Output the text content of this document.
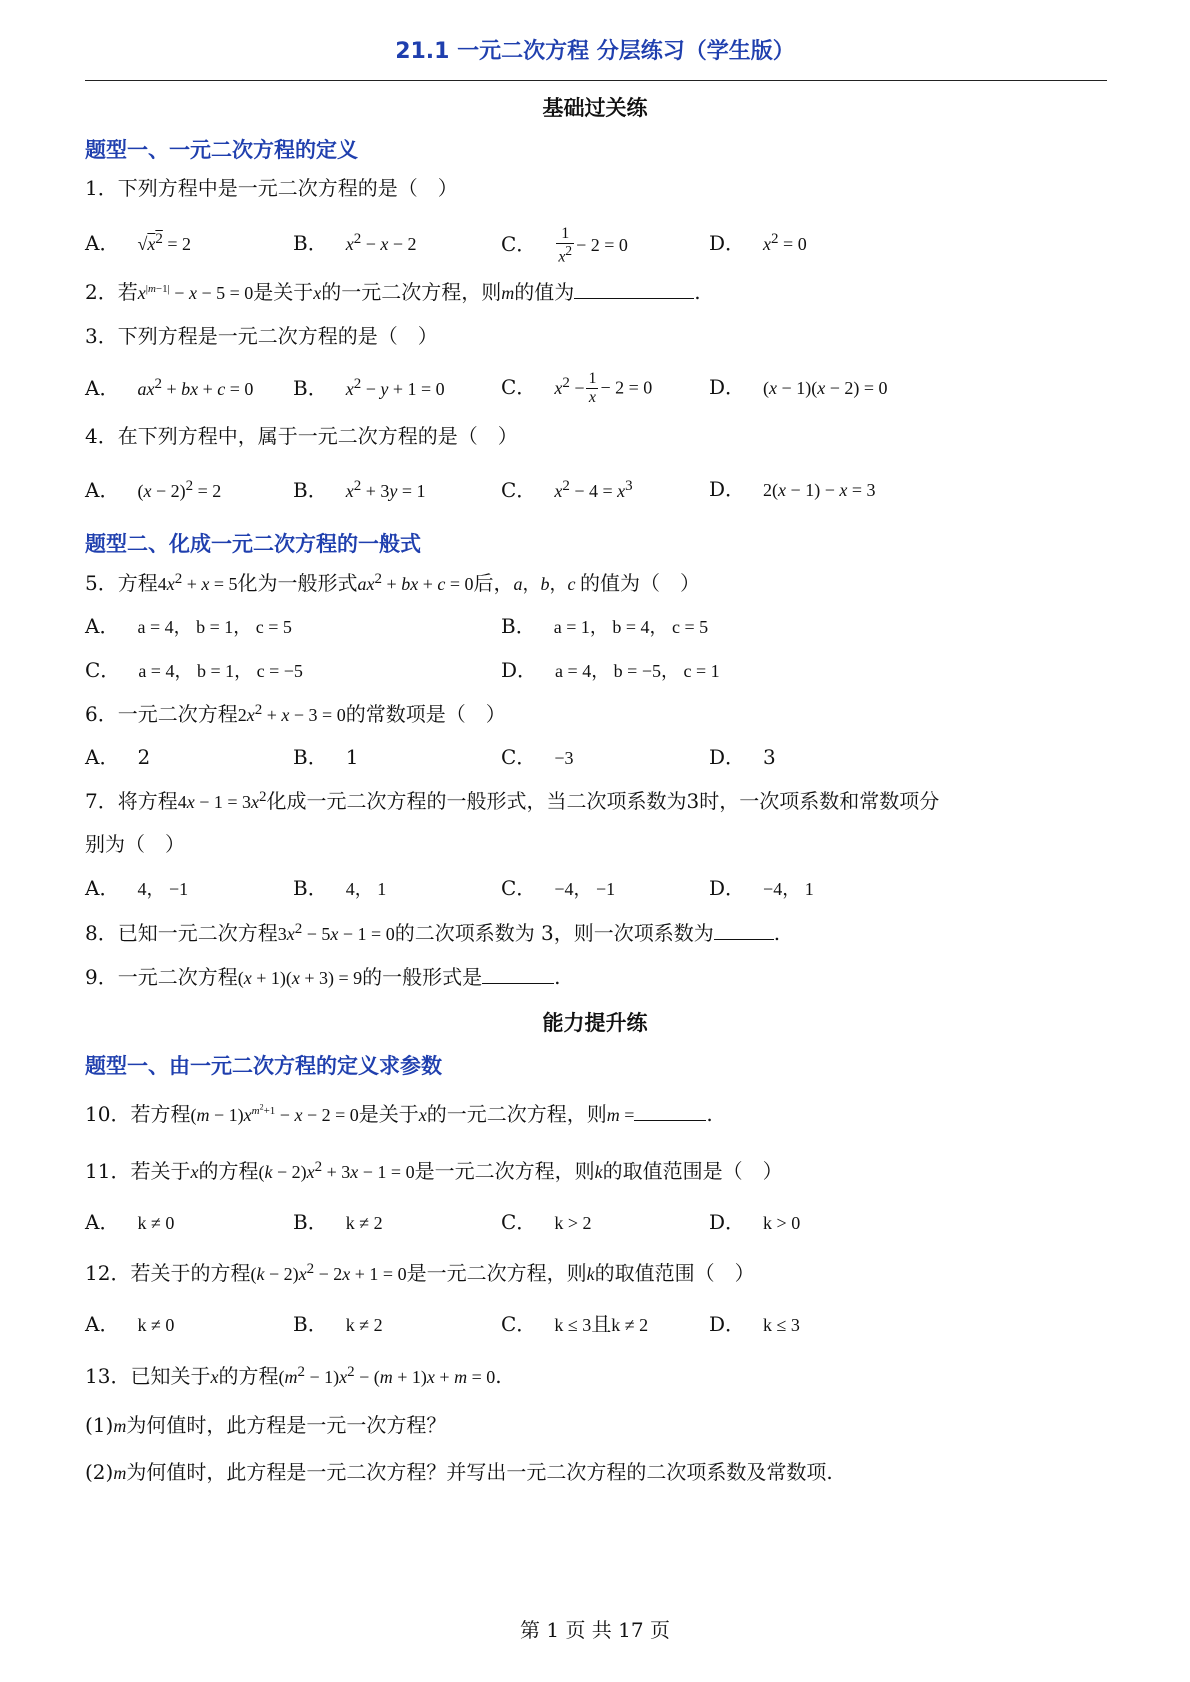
21.1 一元二次方程 分层练习（学生版）
基础过关练
题型一、一元二次方程的定义
1．下列方程中是一元二次方程的是（　）
A． $√x^2 = 2$	B． $x^2 - x - 2$	C． $\frac{1}{x^2} - 2 = 0$	D． $x^2 = 0$
2．若$x^{|m-1|} - x - 5 = 0$是关于x的一元二次方程，则m的值为	.
3．下列方程是一元二次方程的是（　）
A． $ax^2$ + bx + c = 0 B． $x^2 - y + 1 = 0$	C． $x^2 - \frac{1}{x} - 2 = 0$	D． (x − 1)(x − 2) = 0
4．在下列方程中，属于一元二次方程的是（　）
A． $(x - 2)^2 = 2$	B． $x^2 + 3y = 1$	C． $x^2 - 4 = x^3$	D． 2(x − 1) − x = 3
题型二、化成一元二次方程的一般式
5．方程$4x^2 + x = 5$化为一般形式$ax^2$ + bx + c = 0后，a，b，c 的值为（　）
A． a = 4， b = 1， c = 5	B． a = 1， b = 4， c = 5
C． a = 4， b = 1， c = −5	D． a = 4， b = −5， c = 1
6．一元二次方程$2x^2 + x - 3 = 0$的常数项是（　）
A． 2	B． 1	C． −3	D． 3
7．将方程$4x - 1 = 3x^2$化成一元二次方程的一般形式，当二次项系数为3时，一次项系数和常数项分
别为（　）
A． 4， −1	B． 4， 1	C． −4， −1	D． −4， 1
8．已知一元二次方程$3x^2 - 5x - 1 = 0$的二次项系数为 3，则一次项系数为	.
9．一元二次方程(x + 1)(x + 3) = 9的一般形式是	.
能力提升练
题型一、由一元二次方程的定义求参数
10．若方程$(m - 1)x^{m^2+1} - x - 2 = 0$是关于x的一元二次方程，则m =	.
11．若关于x的方程$(k - 2)x^2 + 3x - 1 = 0$是一元二次方程，则k的取值范围是（　）
A． k ≠ 0	B． k ≠ 2	C． k > 2	D． k > 0
12．若关于的方程$(k - 2)x^2 - 2x + 1 = 0$是一元二次方程，则k的取值范围（　）
A． k ≠ 0	B． k ≠ 2	C． k ≤ 3且k ≠ 2	D． k ≤ 3
13．已知关于x的方程$(m^2 - 1)x^2 - (m + 1)x + m = 0$.
(1)m为何值时，此方程是一元一次方程？
(2)m为何值时，此方程是一元二次方程？并写出一元二次方程的二次项系数及常数项.
第 1 页 共 17 页
